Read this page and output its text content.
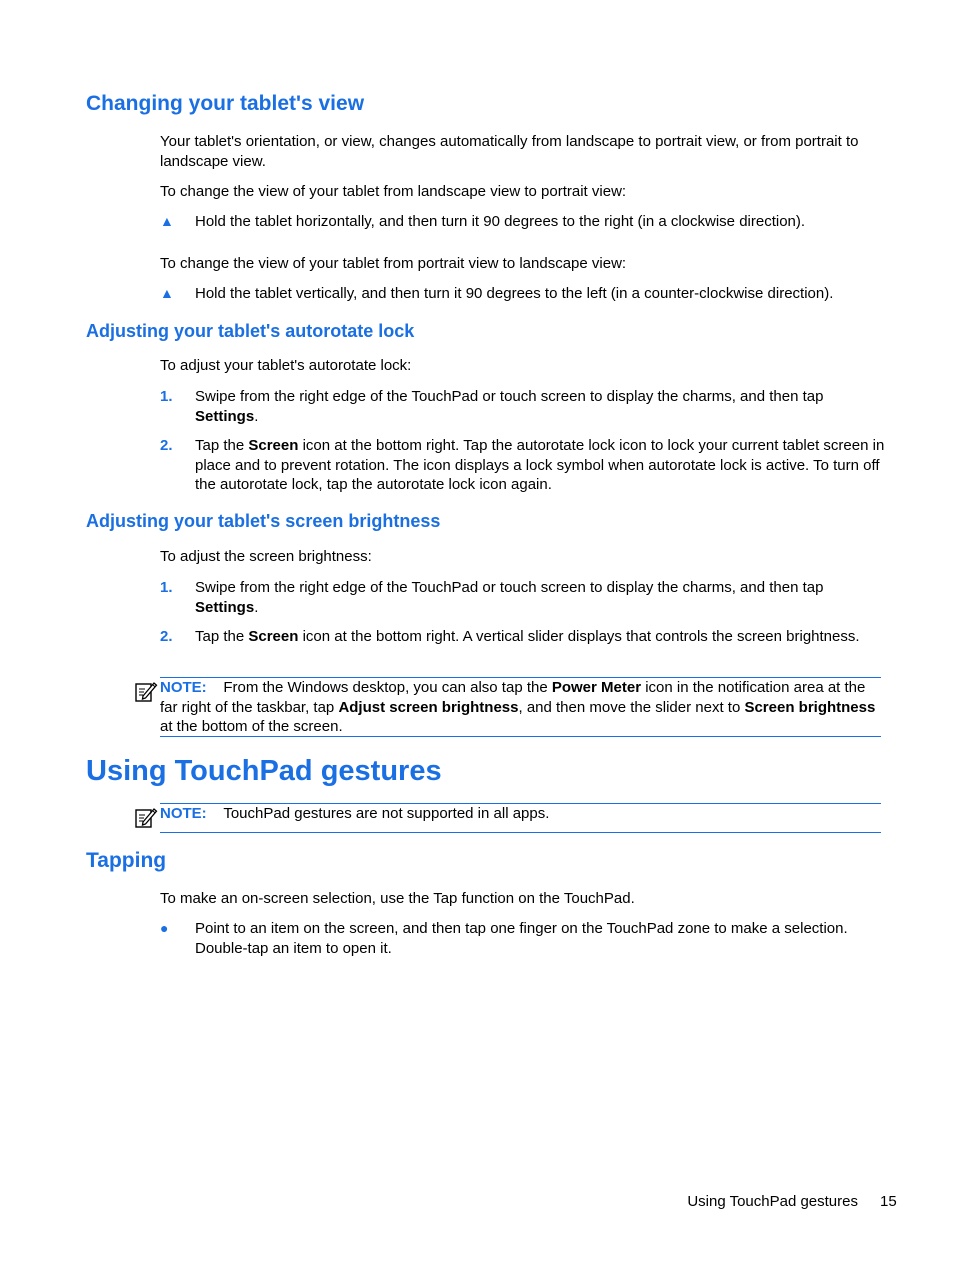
Changing your tablet's view
Your tablet's orientation, or view, changes automatically from landscape to portrait view, or from portrait to landscape view.
To change the view of your tablet from landscape view to portrait view:
▲ Hold the tablet horizontally, and then turn it 90 degrees to the right (in a clockwise direction).
To change the view of your tablet from portrait view to landscape view:
▲ Hold the tablet vertically, and then turn it 90 degrees to the left (in a counter-clockwise direction).
Adjusting your tablet's autorotate lock
To adjust your tablet's autorotate lock:
1. Swipe from the right edge of the TouchPad or touch screen to display the charms, and then tap Settings.
2. Tap the Screen icon at the bottom right. Tap the autorotate lock icon to lock your current tablet screen in place and to prevent rotation. The icon displays a lock symbol when autorotate lock is active. To turn off the autorotate lock, tap the autorotate lock icon again.
Adjusting your tablet's screen brightness
To adjust the screen brightness:
1. Swipe from the right edge of the TouchPad or touch screen to display the charms, and then tap Settings.
2. Tap the Screen icon at the bottom right. A vertical slider displays that controls the screen brightness.
NOTE: From the Windows desktop, you can also tap the Power Meter icon in the notification area at the far right of the taskbar, tap Adjust screen brightness, and then move the slider next to Screen brightness at the bottom of the screen.
Using TouchPad gestures
NOTE: TouchPad gestures are not supported in all apps.
Tapping
To make an on-screen selection, use the Tap function on the TouchPad.
● Point to an item on the screen, and then tap one finger on the TouchPad zone to make a selection. Double-tap an item to open it.
Using TouchPad gestures 15
